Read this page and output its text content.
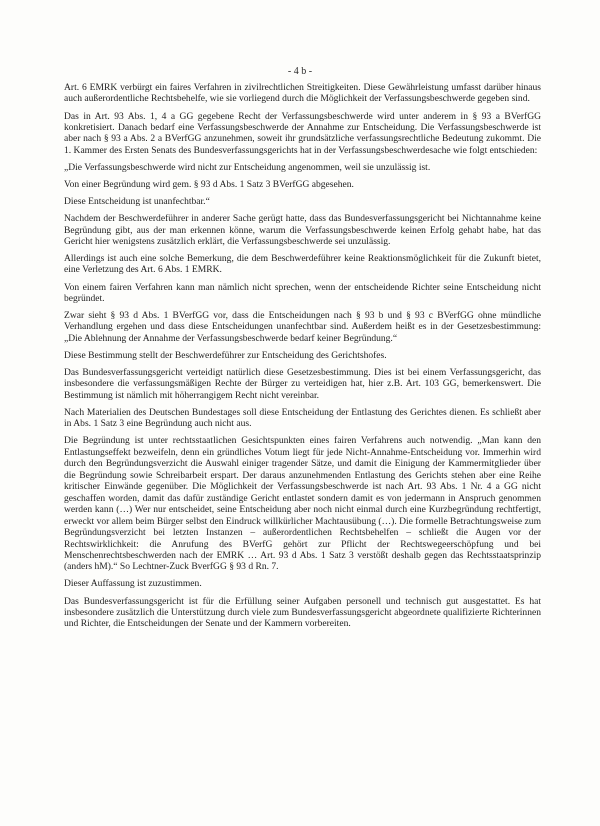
- 4 b -

Art. 6 EMRK verbürgt ein faires Verfahren in zivilrechtlichen Streitigkeiten. Diese Gewährleistung umfasst darüber hinaus auch außerordentliche Rechtsbehelfe, wie sie vorliegend durch die Möglichkeit der Verfassungsbeschwerde gegeben sind.

Das in Art. 93 Abs. 1, 4 a GG gegebene Recht der Verfassungsbeschwerde wird unter anderem in § 93 a BVerfGG konkretisiert. Danach bedarf eine Verfassungsbeschwerde der Annahme zur Entscheidung. Die Verfassungsbeschwerde ist aber nach § 93 a Abs. 2 a BVerfGG anzunehmen, soweit ihr grundsätzliche verfassungsrechtliche Bedeutung zukommt. Die 1. Kammer des Ersten Senats des Bundesverfassungsgerichts hat in der Verfassungsbeschwerdesache wie folgt entschieden:

„Die Verfassungsbeschwerde wird nicht zur Entscheidung angenommen, weil sie unzulässig ist.

Von einer Begründung wird gem. § 93 d Abs. 1 Satz 3 BVerfGG abgesehen.

Diese Entscheidung ist unanfechtbar.“

Nachdem der Beschwerdeführer in anderer Sache gerügt hatte, dass das Bundesverfassungsgericht bei Nichtannahme keine Begründung gibt, aus der man erkennen könne, warum die Verfassungsbeschwerde keinen Erfolg gehabt habe, hat das Gericht hier wenigstens zusätzlich erklärt, die Verfassungsbeschwerde sei unzulässig.

Allerdings ist auch eine solche Bemerkung, die dem Beschwerdeführer keine Reaktionsmöglichkeit für die Zukunft bietet, eine Verletzung des Art. 6 Abs. 1 EMRK.

Von einem fairen Verfahren kann man nämlich nicht sprechen, wenn der entscheidende Richter seine Entscheidung nicht begründet.

Zwar sieht § 93 d Abs. 1 BVerfGG vor, dass die Entscheidungen nach § 93 b und § 93 c BVerfGG ohne mündliche Verhandlung ergehen und dass diese Entscheidungen unanfechtbar sind. Außerdem heißt es in der Gesetzesbestimmung: „Die Ablehnung der Annahme der Verfassungsbeschwerde bedarf keiner Begründung.“

Diese Bestimmung stellt der Beschwerdeführer zur Entscheidung des Gerichtshofes.

Das Bundesverfassungsgericht verteidigt natürlich diese Gesetzesbestimmung. Dies ist bei einem Verfassungsgericht, das insbesondere die verfassungsmäßigen Rechte der Bürger zu verteidigen hat, hier z.B. Art. 103 GG, bemerkenswert. Die Bestimmung ist nämlich mit höherrangigem Recht nicht vereinbar.

Nach Materialien des Deutschen Bundestages soll diese Entscheidung der Entlastung des Gerichtes dienen. Es schließt aber in Abs. 1 Satz 3 eine Begründung auch nicht aus.

Die Begründung ist unter rechtsstaatlichen Gesichtspunkten eines fairen Verfahrens auch notwendig. „Man kann den Entlastungseffekt bezweifeln, denn ein gründliches Votum liegt für jede Nicht-Annahme-Entscheidung vor. Immerhin wird durch den Begründungsverzicht die Auswahl einiger tragender Sätze, und damit die Einigung der Kammermitglieder über die Begründung sowie Schreibarbeit erspart. Der daraus anzunehmenden Entlastung des Gerichts stehen aber eine Reihe kritischer Einwände gegenüber. Die Möglichkeit der Verfassungsbeschwerde ist nach Art. 93 Abs. 1 Nr. 4 a GG nicht geschaffen worden, damit das dafür zuständige Gericht entlastet sondern damit es von jedermann in Anspruch genommen werden kann (…) Wer nur entscheidet, seine Entscheidung aber noch nicht einmal durch eine Kurzbegründung rechtfertigt, erweckt vor allem beim Bürger selbst den Eindruck willkürlicher Machtausübung (…). Die formelle Betrachtungsweise zum Begründungsverzicht bei letzten Instanzen – außerordentlichen Rechtsbehelfen – schließt die Augen vor der Rechtswirklichkeit: die Anrufung des BVerfG gehört zur Pflicht der Rechtswegeerschöpfung und bei Menschenrechtsbeschwerden nach der EMRK … Art. 93 d Abs. 1 Satz 3 verstößt deshalb gegen das Rechtsstaatsprinzip (anders hM).“ So Lechtner-Zuck BverfGG § 93 d Rn. 7.

Dieser Auffassung ist zuzustimmen.

Das Bundesverfassungsgericht ist für die Erfüllung seiner Aufgaben personell und technisch gut ausgestattet. Es hat insbesondere zusätzlich die Unterstützung durch viele zum Bundesverfassungsgericht abgeordnete qualifizierte Richterinnen und Richter, die Entscheidungen der Senate und der Kammern vorbereiten.
